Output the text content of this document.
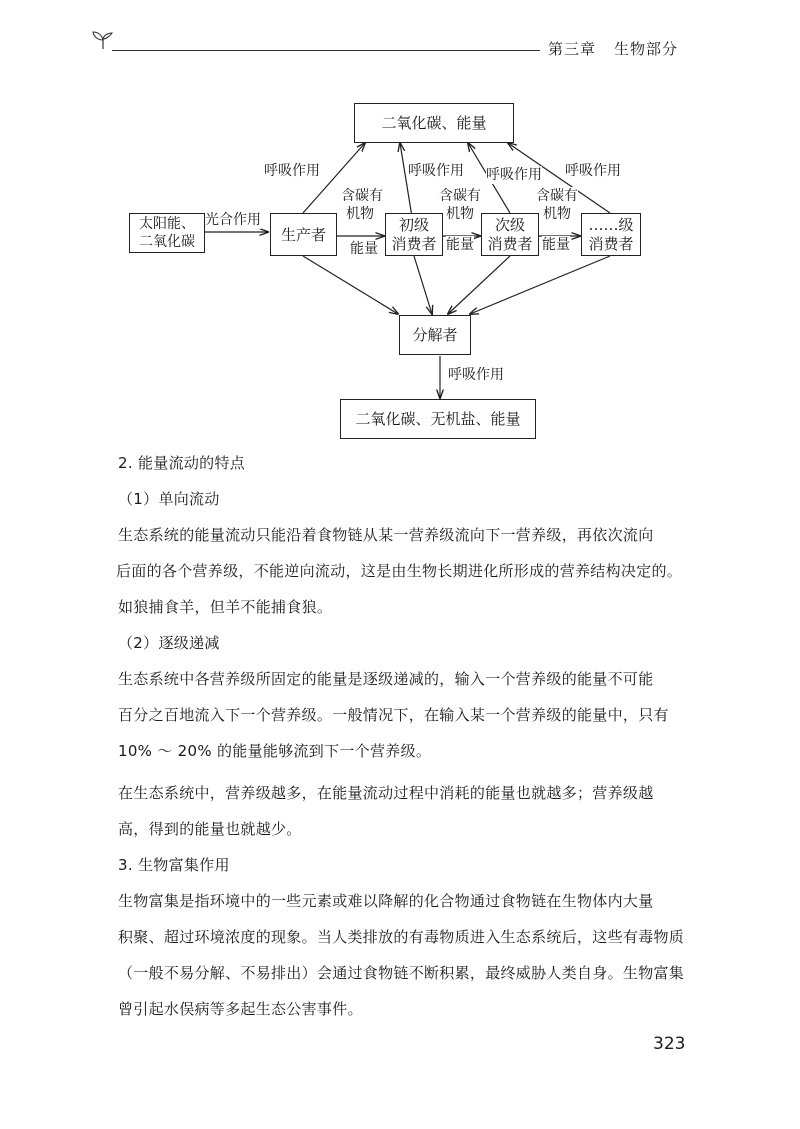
第三章 生物部分
二氧化碳、能量
太阳能、
二氧化碳	生产者
初级
消费者
次级
消费者
……级
消费者
分解者
二氧化碳、无机盐、能量
光合作用
呼吸作用	呼吸作用 呼吸作用 呼吸作用
含碳有
机物
含碳有
机物
含碳有
机物
能量	能量	能量
呼吸作用
2. 能量流动的特点
（1）单向流动
生态系统的能量流动只能沿着食物链从某一营养级流向下一营养级，再依次流向
后面的各个营养级，不能逆向流动，这是由生物长期进化所形成的营养结构决定的。
如狼捕食羊，但羊不能捕食狼。
（2）逐级递减
生态系统中各营养级所固定的能量是逐级递减的，输入一个营养级的能量不可能
百分之百地流入下一个营养级。一般情况下，在输入某一个营养级的能量中，只有
10% ～ 20% 的能量能够流到下一个营养级。
在生态系统中，营养级越多，在能量流动过程中消耗的能量也就越多；营养级越
高，得到的能量也就越少。
3. 生物富集作用
生物富集是指环境中的一些元素或难以降解的化合物通过食物链在生物体内大量
积聚、超过环境浓度的现象。当人类排放的有毒物质进入生态系统后，这些有毒物质
（一般不易分解、不易排出）会通过食物链不断积累，最终威胁人类自身。生物富集
曾引起水俣病等多起生态公害事件。
323
